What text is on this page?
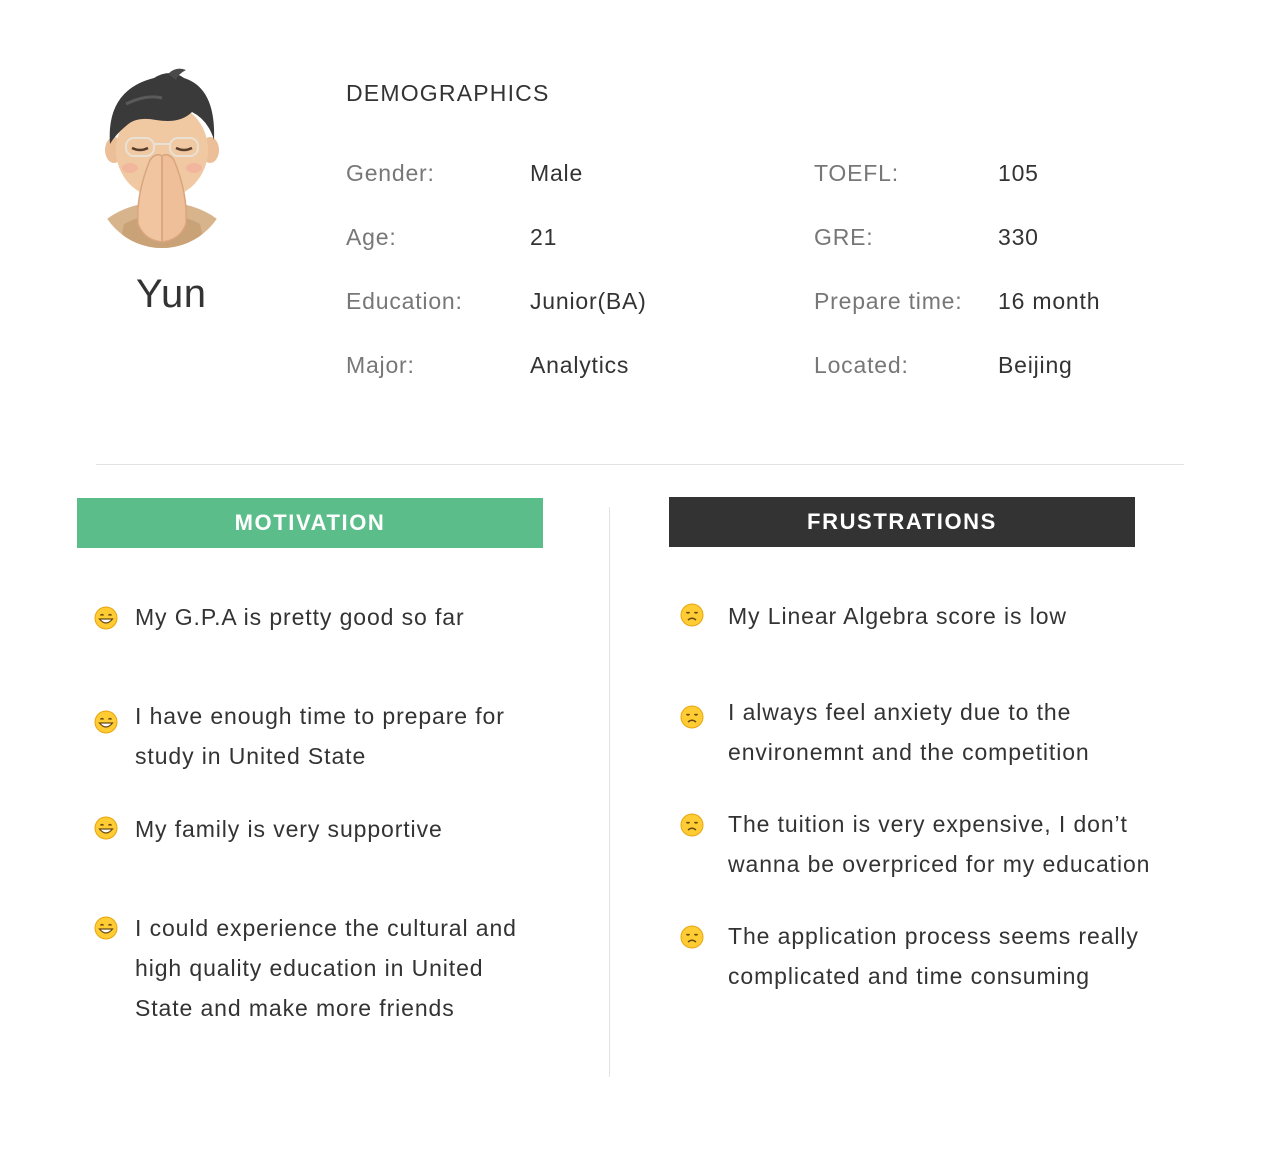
Yun
DEMOGRAPHICS
Gender:	Male
Age:	21
Education:	Junior(BA)
Major:	Analytics
TOEFL:	105
GRE:	330
Prepare time: 16 month
Located:	Beijing
MOTIVATION	FRUSTRATIONS
My G.P.A is pretty good so far
I have enough time to prepare for
study in United State
My family is very supportive
I could experience the cultural and
high quality education in United
State and make more friends
My Linear Algebra score is low
I always feel anxiety due to the
environemnt and the competition
The tuition is very expensive, I don’t
wanna be overpriced for my education
The application process seems really
complicated and time consuming
